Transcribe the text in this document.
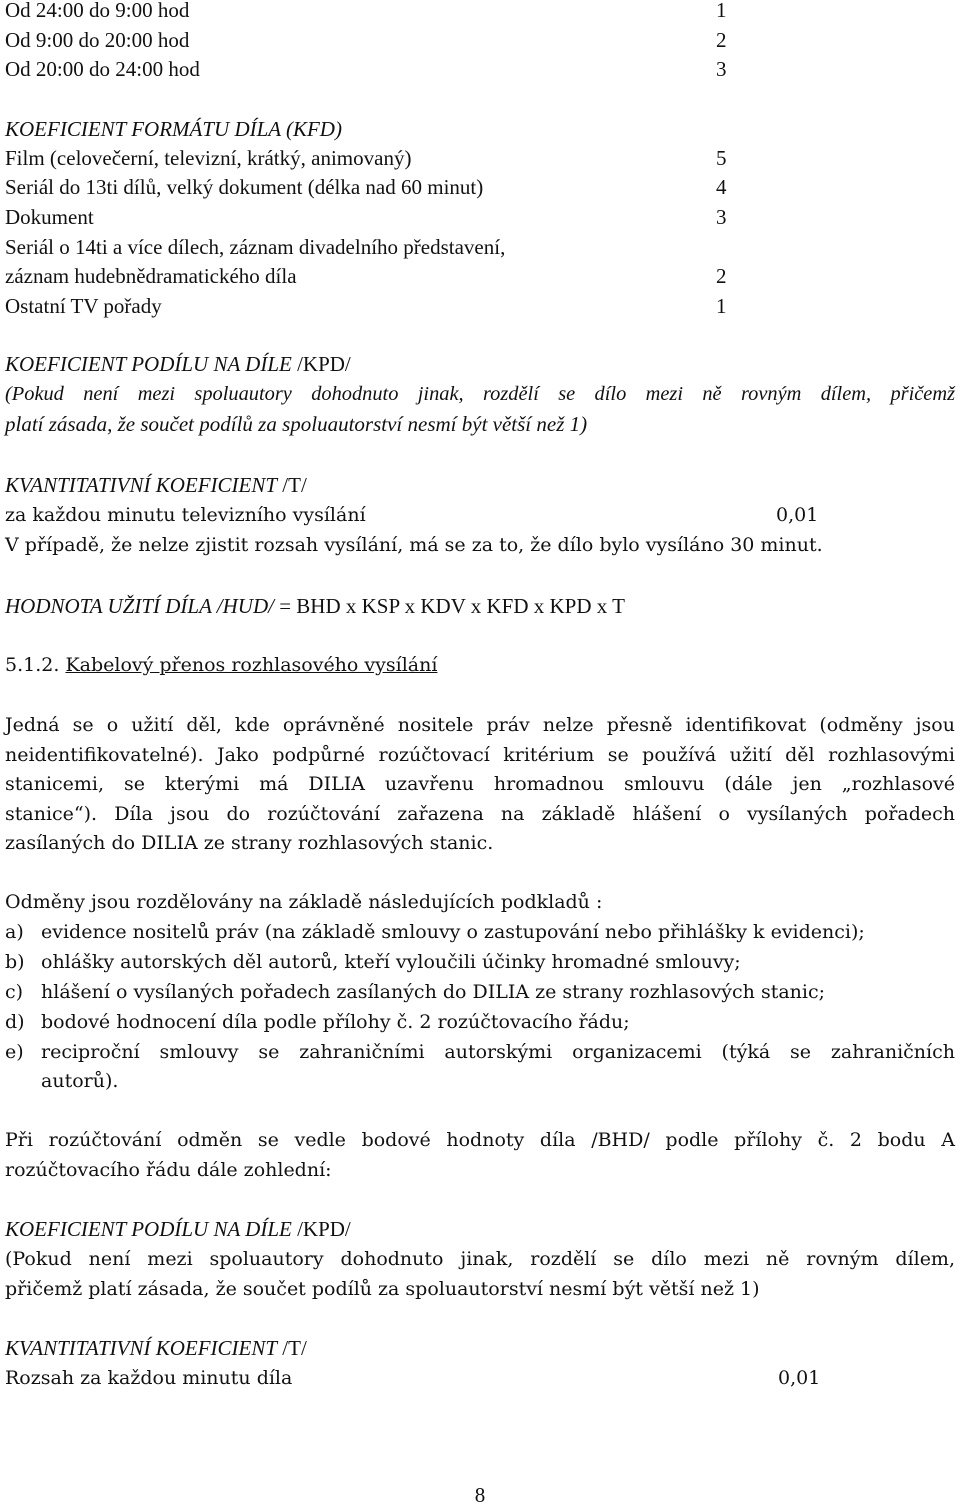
Od 24:00 do 9:00 hod	1
Od 9:00 do 20:00 hod	2
Od 20:00 do 24:00 hod	3
KOEFICIENT FORMÁTU DÍLA (KFD)
Film (celovečerní, televizní, krátký, animovaný)	5
Seriál do 13ti dílů, velký dokument (délka nad 60 minut)	4
Dokument	3
Seriál o 14ti a více dílech, záznam divadelního představení,
záznam hudebnědramatického díla	2
Ostatní TV pořady	1
KOEFICIENT PODÍLU NA DÍLE /KPD/
(Pokud není mezi spoluautory dohodnuto jinak, rozdělí se dílo mezi ně rovným dílem, přičemž
platí zásada, že součet podílů za spoluautorství nesmí být větší než 1)
KVANTITATIVNÍ KOEFICIENT /T/
za každou minutu televizního vysílání	0,01
V případě, že nelze zjistit rozsah vysílání, má se za to, že dílo bylo vysíláno 30 minut.
HODNOTA UŽITÍ DÍLA /HUD/ = BHD x KSP x KDV x KFD x KPD x T
5.1.2. Kabelový přenos rozhlasového vysílání
Jedná se o užití děl, kde oprávněné nositele práv nelze přesně identifikovat (odměny jsou
neidentifikovatelné). Jako podpůrné rozúčtovací kritérium se používá užití děl rozhlasovými
stanicemi, se kterými má DILIA uzavřenu hromadnou smlouvu (dále jen „rozhlasové
stanice“). Díla jsou do rozúčtování zařazena na základě hlášení o vysílaných pořadech
zasílaných do DILIA ze strany rozhlasových stanic.
Odměny jsou rozdělovány na základě následujících podkladů :
a) evidence nositelů práv (na základě smlouvy o zastupování nebo přihlášky k evidenci);
b) ohlášky autorských děl autorů, kteří vyloučili účinky hromadné smlouvy;
c) hlášení o vysílaných pořadech zasílaných do DILIA ze strany rozhlasových stanic;
d) bodové hodnocení díla podle přílohy č. 2 rozúčtovacího řádu;
e) reciproční smlouvy se zahraničními autorskými organizacemi (týká se zahraničních
autorů).
Při rozúčtování odměn se vedle bodové hodnoty díla /BHD/ podle přílohy č. 2 bodu A
rozúčtovacího řádu dále zohlední:
KOEFICIENT PODÍLU NA DÍLE /KPD/
(Pokud není mezi spoluautory dohodnuto jinak, rozdělí se dílo mezi ně rovným dílem,
přičemž platí zásada, že součet podílů za spoluautorství nesmí být větší než 1)
KVANTITATIVNÍ KOEFICIENT /T/
Rozsah za každou minutu díla	0,01
8
